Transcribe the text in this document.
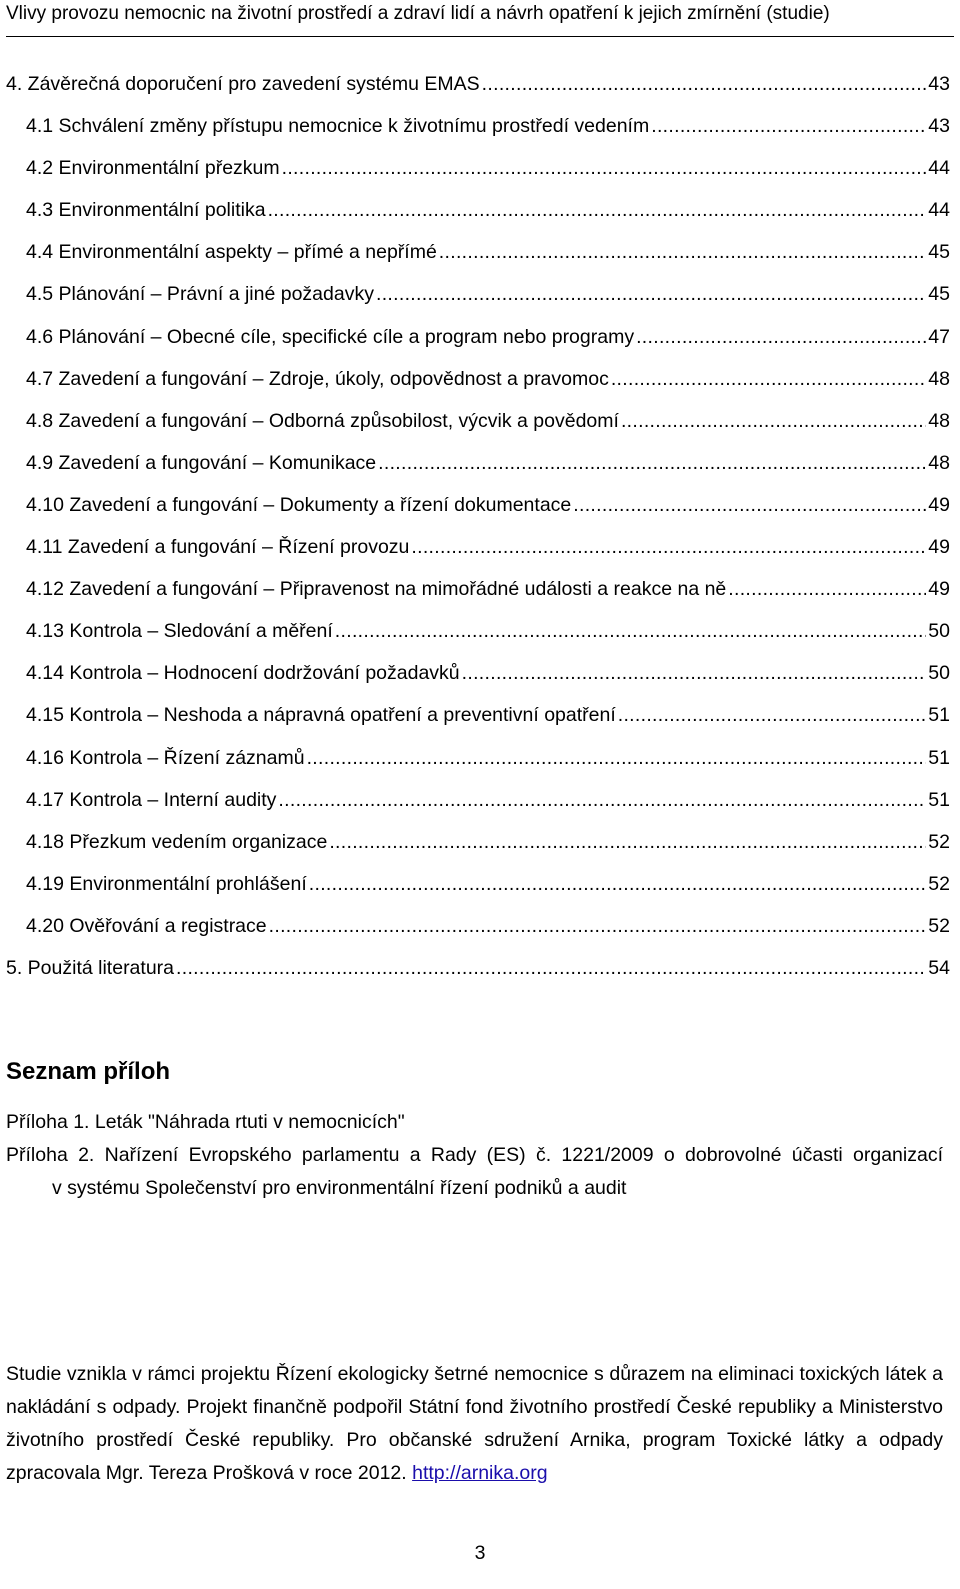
Vlivy provozu nemocnic na životní prostředí a zdraví lidí a návrh opatření k jejich zmírnění (studie)
4. Závěrečná doporučení pro zavedení systému EMAS .....	43
4.1 Schválení změny přístupu nemocnice k životnímu prostředí vedením .....	43
4.2 Environmentální přezkum .....	44
4.3 Environmentální politika .....	44
4.4 Environmentální aspekty – přímé a nepřímé .....	45
4.5 Plánování – Právní a jiné požadavky .....	45
4.6 Plánování – Obecné cíle, specifické cíle a program nebo programy .....	47
4.7 Zavedení a fungování – Zdroje, úkoly, odpovědnost a pravomoc .....	48
4.8 Zavedení a fungování – Odborná způsobilost, výcvik a povědomí .....	48
4.9 Zavedení a fungování – Komunikace .....	48
4.10 Zavedení a fungování – Dokumenty a řízení dokumentace .....	49
4.11 Zavedení a fungování – Řízení provozu .....	49
4.12 Zavedení a fungování – Připravenost na mimořádné události a reakce na ně .....	49
4.13 Kontrola – Sledování a měření .....	50
4.14 Kontrola – Hodnocení dodržování požadavků .....	50
4.15 Kontrola – Neshoda a nápravná opatření a preventivní opatření .....	51
4.16 Kontrola – Řízení záznamů .....	51
4.17 Kontrola – Interní audity .....	51
4.18 Přezkum vedením organizace .....	52
4.19 Environmentální prohlášení .....	52
4.20 Ověřování a registrace .....	52
5. Použitá literatura .....	54
Seznam příloh

Příloha 1. Leták "Náhrada rtuti v nemocnicích"

Příloha 2. Nařízení Evropského parlamentu a Rady (ES) č. 1221/2009 o dobrovolné účasti organizací

v systému Společenství pro environmentální řízení podniků a audit

Studie vznikla v rámci projektu Řízení ekologicky šetrné nemocnice s důrazem na eliminaci toxických látek a nakládání s odpady. Projekt finančně podpořil Státní fond životního prostředí České republiky a Ministerstvo životního prostředí České republiky. Pro občanské sdružení Arnika, program Toxické látky a odpady zpracovala Mgr. Tereza Prošková v roce 2012. http://arnika.org
3
